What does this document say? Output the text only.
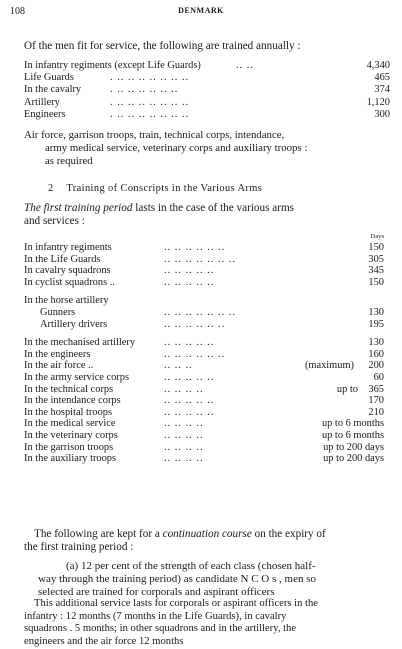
108	DENMARK

Of the men fit for service, the following are trained annually :

In infantry regiments (except Life Guards)	.. ..	4,340
Life Guards	. .. .. .. .. .. .. ..	465
In the cavalry	. .. .. .. .. .. ..	374
Artillery	. .. .. .. .. .. .. ..	1,120
Engineers	. .. .. .. .. .. .. ..	300

Air force, garrison troops, train, technical corps, intendance,

army medical service, veterinary corps and auxiliary troops :

as required

2 Training of Conscripts in the Various Arms

The first training period lasts in the case of the various arms

and services :

Days
In infantry regiments	.. .. .. .. .. ..	150
In the Life Guards	.. .. .. .. .. .. ..	305
In cavalry squadrons	.. .. .. .. ..	345
In cyclist squadrons ..	.. .. .. .. ..	150
In the horse artillery
Gunners	.. .. .. .. .. .. ..	130
Artillery drivers	.. .. .. .. .. ..	195
In the mechanised artillery	.. .. .. .. ..	130
In the engineers	.. .. .. .. .. ..	160
In the air force ..	.. .. ..	(maximum) 200
In the army service corps	.. .. .. .. ..	60
In the technical corps	.. .. .. ..	up to 365
In the intendance corps	.. .. .. .. ..	170
In the hospital troops	.. .. .. .. ..	210
In the medical service	.. .. .. ..	up to 6 months
In the veterinary corps	.. .. .. ..	up to 6 months
In the garrison troops	.. .. .. ..	up to 200 days
In the auxiliary troops	.. .. .. ..	up to 200 days

The following are kept for a continuation course on the expiry of

the first training period :

(a) 12 per cent of the strength of each class (chosen half-

way through the training period) as candidate N C O s , men so

selected are trained for corporals and aspirant officers

This additional service lasts for corporals or aspirant officers in the

infantry : 12 months (7 months in the Life Guards), in cavalry

squadrons . 5 months; in other squadrons and in the artillery, the

engineers and the air force 12 months
